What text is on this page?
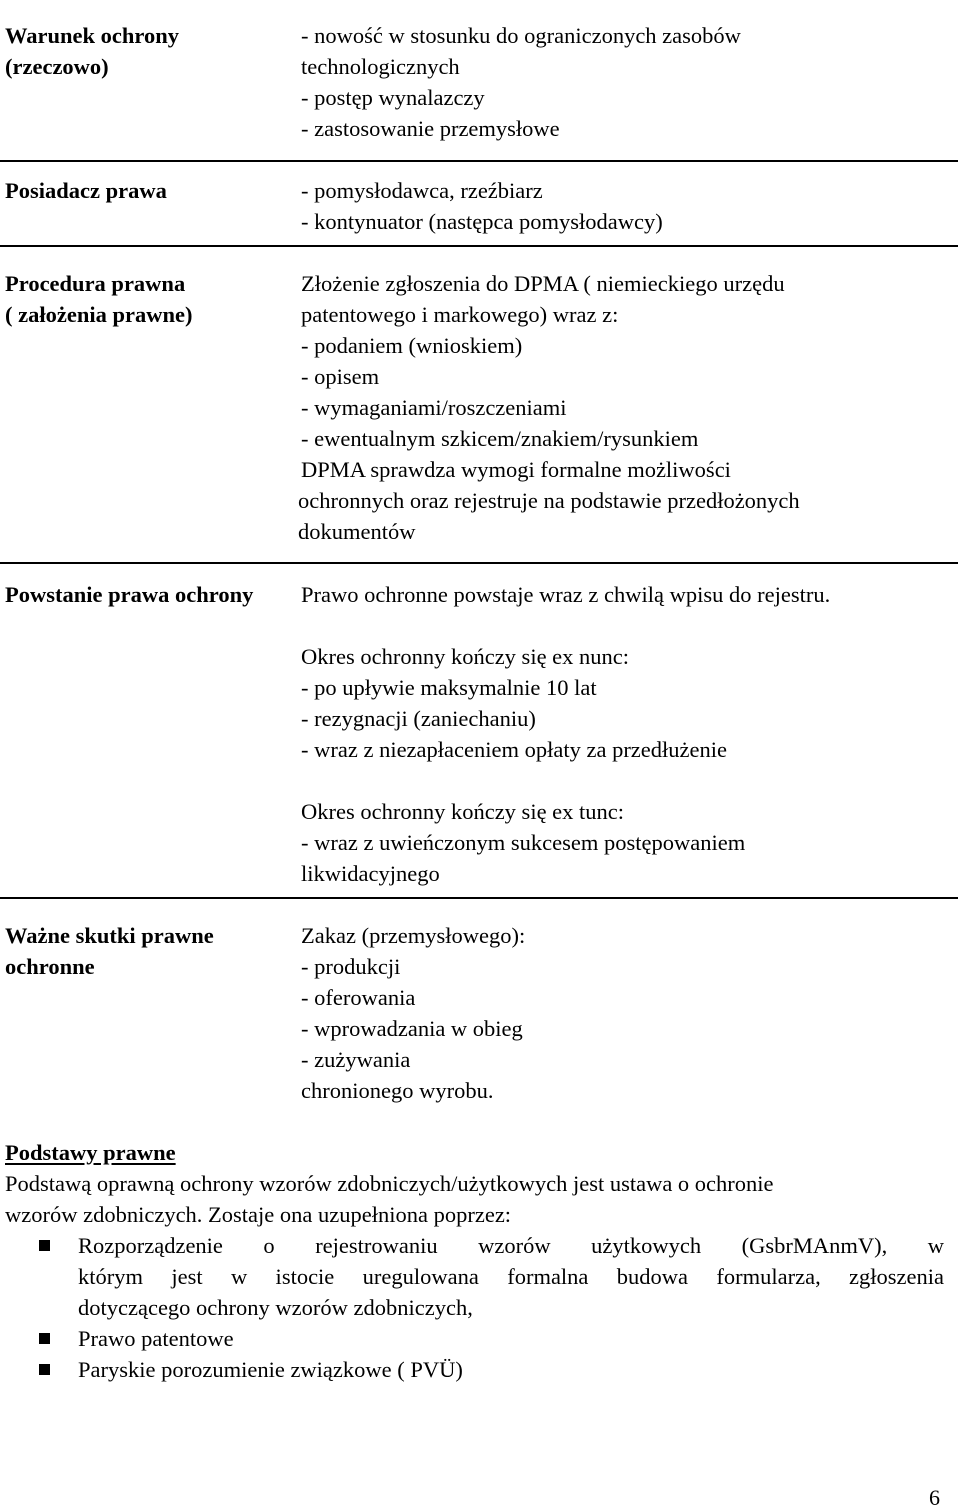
Warunek ochrony
(rzeczowo)
- nowość w stosunku do ograniczonych zasobów
technologicznych
- postęp wynalazczy
- zastosowanie przemysłowe
Posiadacz prawa	- pomysłodawca, rzeźbiarz
- kontynuator (następca pomysłodawcy)
Procedura prawna
( założenia prawne)
Złożenie zgłoszenia do DPMA ( niemieckiego urzędu
patentowego i markowego) wraz z:
- podaniem (wnioskiem)
- opisem
- wymaganiami/roszczeniami
- ewentualnym szkicem/znakiem/rysunkiem
DPMA sprawdza wymogi formalne możliwości
ochronnych oraz rejestruje na podstawie przedłożonych
dokumentów
Powstanie prawa ochrony Prawo ochronne powstaje wraz z chwilą wpisu do rejestru.
Okres ochronny kończy się ex nunc:
- po upływie maksymalnie 10 lat
- rezygnacji (zaniechaniu)
- wraz z niezapłaceniem opłaty za przedłużenie
Okres ochronny kończy się ex tunc:
- wraz z uwieńczonym sukcesem postępowaniem
likwidacyjnego
Ważne skutki prawne
ochronne
Zakaz (przemysłowego):
- produkcji
- oferowania
- wprowadzania w obieg
- zużywania
chronionego wyrobu.
Podstawy prawne
Podstawą oprawną ochrony wzorów zdobniczych/użytkowych jest ustawa o ochronie
wzorów zdobniczych. Zostaje ona uzupełniona poprzez:
Rozporządzenie o rejestrowaniu wzorów użytkowych (GsbrMAnmV), w
którym jest w istocie uregulowana formalna budowa formularza, zgłoszenia
dotyczącego ochrony wzorów zdobniczych,
Prawo patentowe
Paryskie porozumienie związkowe ( PVÜ)
6
